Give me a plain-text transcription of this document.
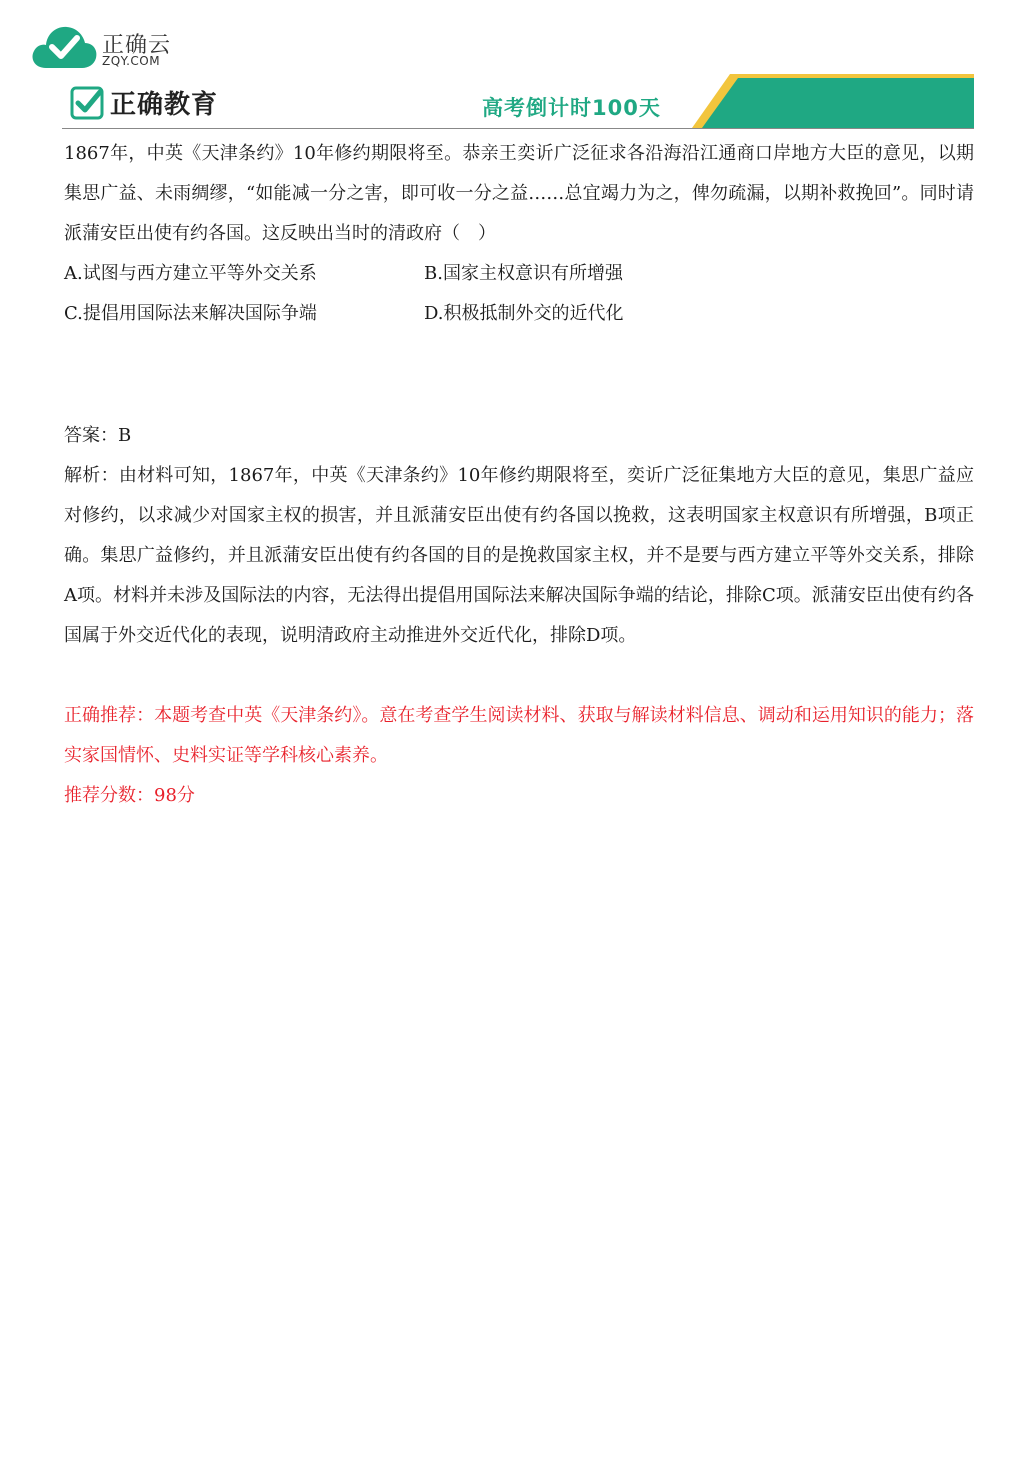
正确云
ZQY.COM
正确教育	高考倒计时100天
每日一题

1867年，中英《天津条约》10年修约期限将至。恭亲王奕䜣广泛征求各沿海沿江通商口岸地方大臣的意见，以期集思广益、未雨绸缪，“如能减一分之害，即可收一分之益……总宜竭力为之，俾勿疏漏，以期补救挽回”。同时请派蒲安臣出使有约各国。这反映出当时的清政府（　）

A.试图与西方建立平等外交关系	B.国家主权意识有所增强
C.提倡用国际法来解决国际争端	D.积极抵制外交的近代化

答案：B

解析：由材料可知，1867年，中英《天津条约》10年修约期限将至，奕䜣广泛征集地方大臣的意见，集思广益应对修约，以求减少对国家主权的损害，并且派蒲安臣出使有约各国以挽救，这表明国家主权意识有所增强，B项正确。集思广益修约，并且派蒲安臣出使有约各国的目的是挽救国家主权，并不是要与西方建立平等外交关系，排除A项。材料并未涉及国际法的内容，无法得出提倡用国际法来解决国际争端的结论，排除C项。派蒲安臣出使有约各国属于外交近代化的表现，说明清政府主动推进外交近代化，排除D项。

正确推荐：本题考查中英《天津条约》。意在考查学生阅读材料、获取与解读材料信息、调动和运用知识的能力；落实家国情怀、史料实证等学科核心素养。

推荐分数：98分
